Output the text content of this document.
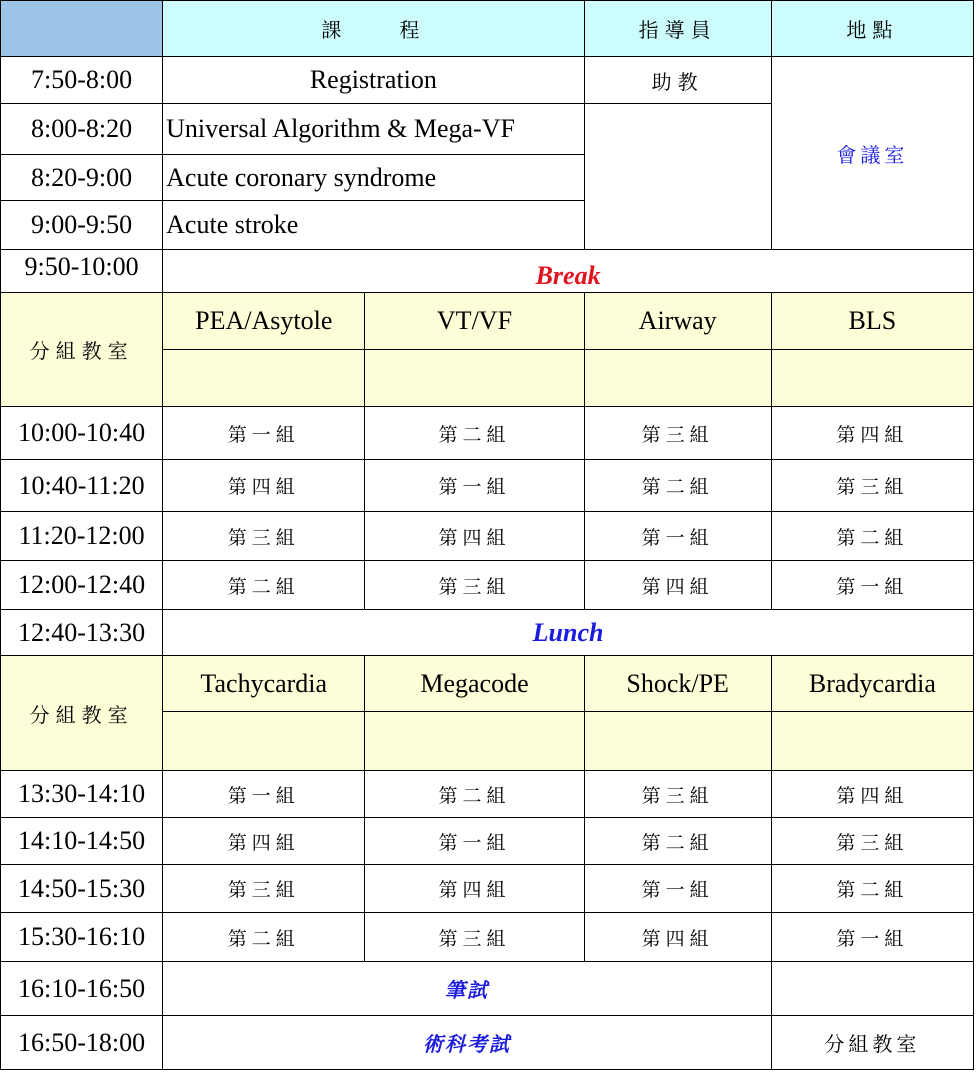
	課　　程		指導員	地點
7:50-8:00	Registration		助教	會議室
8:00-8:20	Universal Algorithm & Mega-VF			
8:20-9:00	Acute coronary syndrome			
9:00-9:50	Acute stroke			
9:50-10:00	Break			
分組教室	PEA/Asytole	VT/VF	Airway	BLS

10:00-10:40	第一組	第二組	第三組	第四組
10:40-11:20	第四組	第一組	第二組	第三組
11:20-12:00	第三組	第四組	第一組	第二組
12:00-12:40	第二組	第三組	第四組	第一組
12:40-13:30	Lunch			
分組教室	Tachycardia	Megacode	Shock/PE	Bradycardia

13:30-14:10	第一組	第二組	第三組	第四組
14:10-14:50	第四組	第一組	第二組	第三組
14:50-15:30	第三組	第四組	第一組	第二組
15:30-16:10	第二組	第三組	第四組	第一組
16:10-16:50	筆試			
16:50-18:00	術科考試			分組教室
